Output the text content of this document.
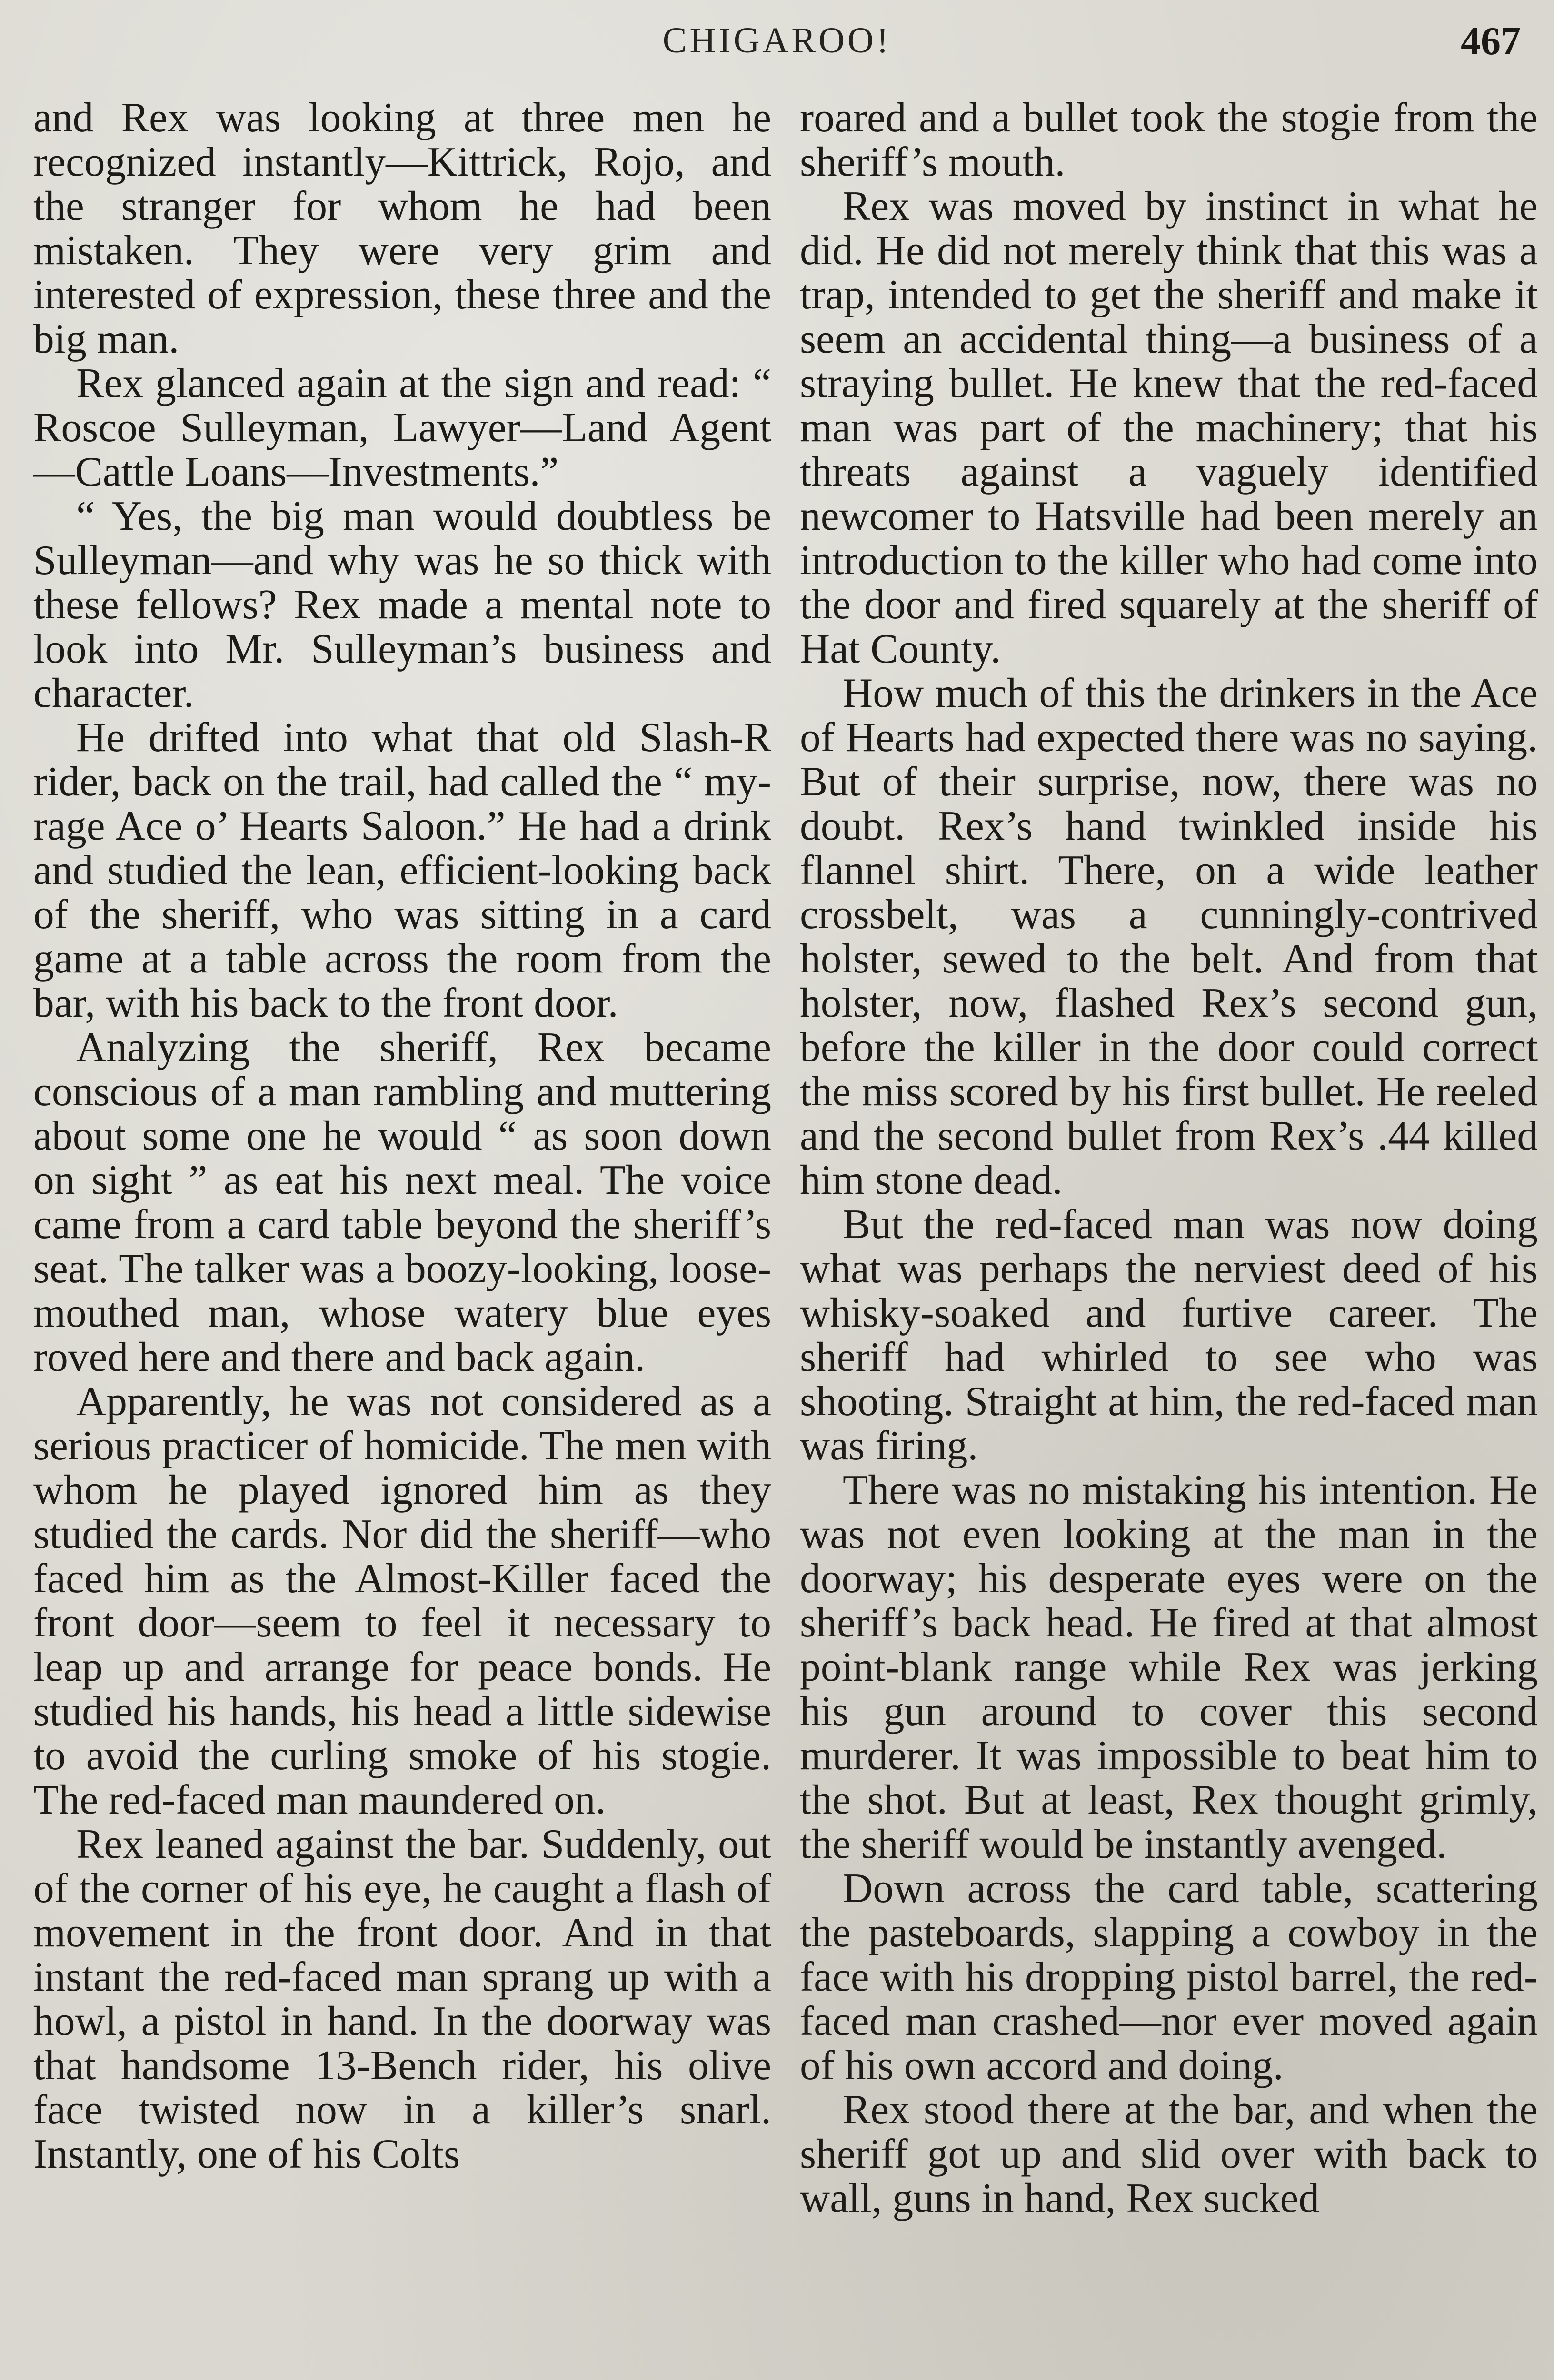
CHIGAROO!	467

and Rex was looking at three men he recognized instantly—Kittrick, Rojo, and the stranger for whom he had been mistaken. They were very grim and interested of expression, these three and the big man.

Rex glanced again at the sign and read: “ Roscoe Sulleyman, Lawyer—Land Agent—Cattle Loans—Investments.”

“ Yes, the big man would doubtless be Sulleyman—and why was he so thick with these fellows? Rex made a mental note to look into Mr. Sulleyman’s business and character.

He drifted into what that old Slash-R rider, back on the trail, had called the “ my-rage Ace o’ Hearts Saloon.” He had a drink and studied the lean, efficient-looking back of the sheriff, who was sitting in a card game at a table across the room from the bar, with his back to the front door.

Analyzing the sheriff, Rex became conscious of a man rambling and muttering about some one he would “ as soon down on sight ” as eat his next meal. The voice came from a card table beyond the sheriff’s seat. The talker was a boozy-looking, loose-mouthed man, whose watery blue eyes roved here and there and back again.

Apparently, he was not considered as a serious practicer of homicide. The men with whom he played ignored him as they studied the cards. Nor did the sheriff—who faced him as the Almost-Killer faced the front door—seem to feel it necessary to leap up and arrange for peace bonds. He studied his hands, his head a little sidewise to avoid the curling smoke of his stogie. The red-faced man maundered on.

Rex leaned against the bar. Suddenly, out of the corner of his eye, he caught a flash of movement in the front door. And in that instant the red-faced man sprang up with a howl, a pistol in hand. In the doorway was that handsome 13-Bench rider, his olive face twisted now in a killer’s snarl. Instantly, one of his Colts

roared and a bullet took the stogie from the sheriff’s mouth.

Rex was moved by instinct in what he did. He did not merely think that this was a trap, intended to get the sheriff and make it seem an accidental thing—a business of a straying bullet. He knew that the red-faced man was part of the machinery; that his threats against a vaguely identified newcomer to Hatsville had been merely an introduction to the killer who had come into the door and fired squarely at the sheriff of Hat County.

How much of this the drinkers in the Ace of Hearts had expected there was no saying. But of their surprise, now, there was no doubt. Rex’s hand twinkled inside his flannel shirt. There, on a wide leather crossbelt, was a cunningly-contrived holster, sewed to the belt. And from that holster, now, flashed Rex’s second gun, before the killer in the door could correct the miss scored by his first bullet. He reeled and the second bullet from Rex’s .44 killed him stone dead.

But the red-faced man was now doing what was perhaps the nerviest deed of his whisky-soaked and furtive career. The sheriff had whirled to see who was shooting. Straight at him, the red-faced man was firing.

There was no mistaking his intention. He was not even looking at the man in the doorway; his desperate eyes were on the sheriff’s back head. He fired at that almost point-blank range while Rex was jerking his gun around to cover this second murderer. It was impossible to beat him to the shot. But at least, Rex thought grimly, the sheriff would be instantly avenged.

Down across the card table, scattering the pasteboards, slapping a cowboy in the face with his dropping pistol barrel, the red-faced man crashed—nor ever moved again of his own accord and doing.

Rex stood there at the bar, and when the sheriff got up and slid over with back to wall, guns in hand, Rex sucked
